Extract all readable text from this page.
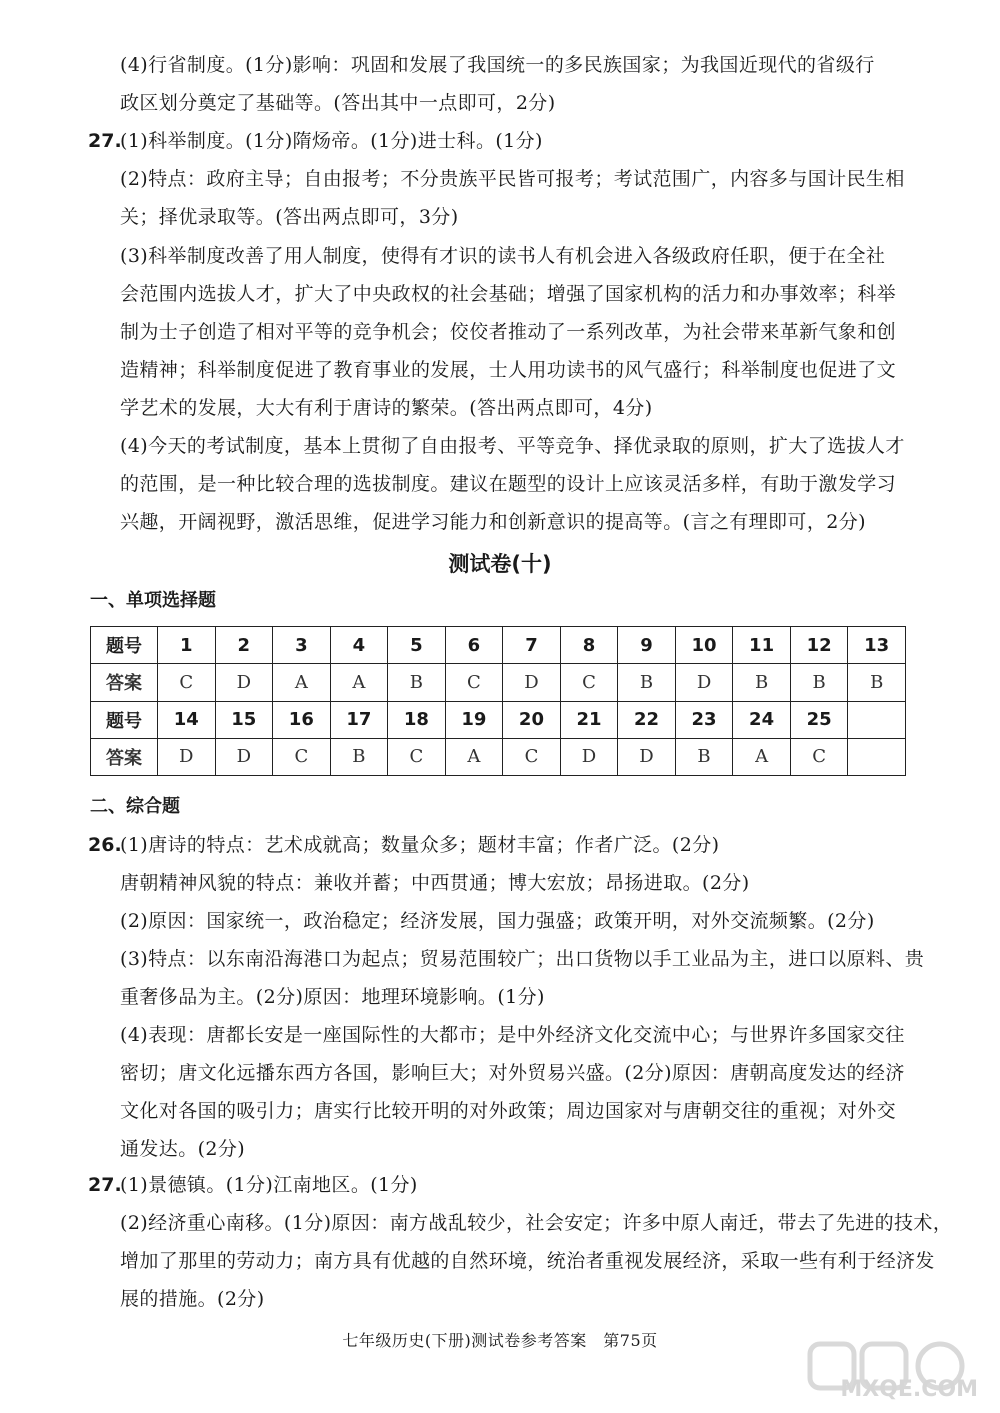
(4)行省制度。(1分)影响：巩固和发展了我国统一的多民族国家；为我国近现代的省级行
政区划分奠定了基础等。(答出其中一点即可，2分)
27.
(1)科举制度。(1分)隋炀帝。(1分)进士科。(1分)
(2)特点：政府主导；自由报考；不分贵族平民皆可报考；考试范围广，内容多与国计民生相
关；择优录取等。(答出两点即可，3分)
(3)科举制度改善了用人制度，使得有才识的读书人有机会进入各级政府任职，便于在全社
会范围内选拔人才，扩大了中央政权的社会基础；增强了国家机构的活力和办事效率；科举
制为士子创造了相对平等的竞争机会；佼佼者推动了一系列改革，为社会带来革新气象和创
造精神；科举制度促进了教育事业的发展，士人用功读书的风气盛行；科举制度也促进了文
学艺术的发展，大大有利于唐诗的繁荣。(答出两点即可，4分)
(4)今天的考试制度，基本上贯彻了自由报考、平等竞争、择优录取的原则，扩大了选拔人才
的范围，是一种比较合理的选拔制度。建议在题型的设计上应该灵活多样，有助于激发学习
兴趣，开阔视野，激活思维，促进学习能力和创新意识的提高等。(言之有理即可，2分)
测试卷(十)
一、单项选择题
题号	1	2	3	4	5	6	7	8	9	10	11	12	13
答案	C	D	A	A	B	C	D	C	B	D	B	B	B
题号	14	15	16	17	18	19	20	21	22	23	24	25	
答案	D	D	C	B	C	A	C	D	D	B	A	C	
二、综合题
26.
(1)唐诗的特点：艺术成就高；数量众多；题材丰富；作者广泛。(2分)
唐朝精神风貌的特点：兼收并蓄；中西贯通；博大宏放；昂扬进取。(2分)
(2)原因：国家统一，政治稳定；经济发展，国力强盛；政策开明，对外交流频繁。(2分)
(3)特点：以东南沿海港口为起点；贸易范围较广；出口货物以手工业品为主，进口以原料、贵
重奢侈品为主。(2分)原因：地理环境影响。(1分)
(4)表现：唐都长安是一座国际性的大都市；是中外经济文化交流中心；与世界许多国家交往
密切；唐文化远播东西方各国，影响巨大；对外贸易兴盛。(2分)原因：唐朝高度发达的经济
文化对各国的吸引力；唐实行比较开明的对外政策；周边国家对与唐朝交往的重视；对外交
通发达。(2分)
27.
(1)景德镇。(1分)江南地区。(1分)
(2)经济重心南移。(1分)原因：南方战乱较少，社会安定；许多中原人南迁，带去了先进的技术，
增加了那里的劳动力；南方具有优越的自然环境，统治者重视发展经济，采取一些有利于经济发
展的措施。(2分)
七年级历史(下册)测试卷参考答案　第75页
MXQE.COM
